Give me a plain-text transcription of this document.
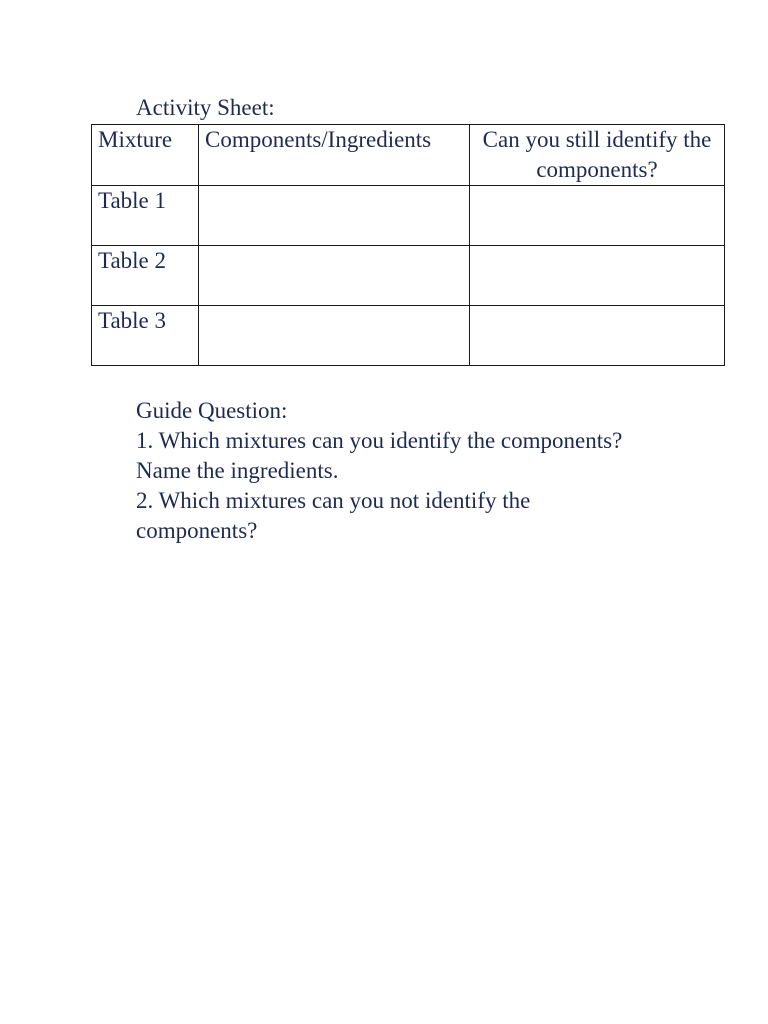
Activity Sheet:
Mixture	Components/Ingredients	Can you still identify the components?
Table 1		
Table 2		
Table 3		
Guide Question:
1. Which mixtures can you identify the components?
Name the ingredients.
2. Which mixtures can you not identify the
components?
